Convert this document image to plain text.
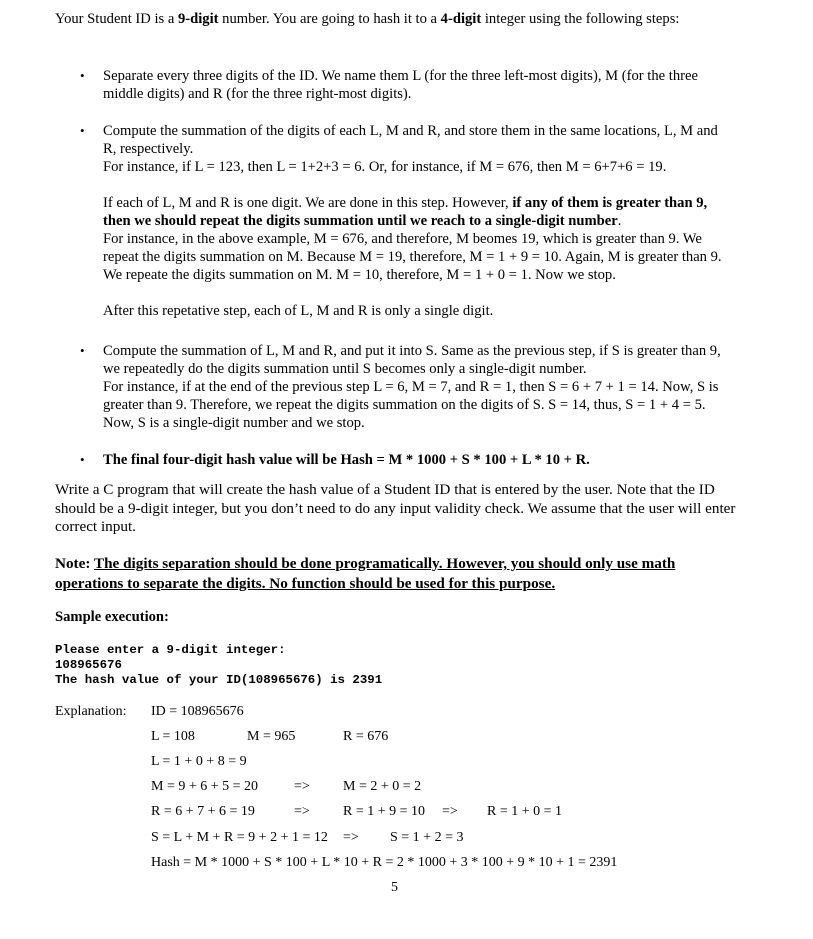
Your Student ID is a 9-digit number. You are going to hash it to a 4-digit integer using the following steps:
•	Separate every three digits of the ID. We name them L (for the three left-most digits), M (for the three middle digits) and R (for the three right-most digits).

•	Compute the summation of the digits of each L, M and R, and store them in the same locations, L, M and R, respectively.

For instance, if L = 123, then L = 1+2+3 = 6. Or, for instance, if M = 676, then M = 6+7+6 = 19.

If each of L, M and R is one digit. We are done in this step. However, if any of them is greater than 9, then we should repeat the digits summation until we reach to a single-digit number.

For instance, in the above example, M = 676, and therefore, M beomes 19, which is greater than 9. We repeat the digits summation on M. Because M = 19, therefore, M = 1 + 9 = 10. Again, M is greater than 9. We repeate the digits summation on M. M = 10, therefore, M = 1 + 0 = 1. Now we stop.

After this repetative step, each of L, M and R is only a single digit.

•	Compute the summation of L, M and R, and put it into S. Same as the previous step, if S is greater than 9, we repeatedly do the digits summation until S becomes only a single-digit number.

For instance, if at the end of the previous step L = 6, M = 7, and R = 1, then S = 6 + 7 + 1 = 14. Now, S is greater than 9. Therefore, we repeat the digits summation on the digits of S. S = 14, thus, S = 1 + 4 = 5. Now, S is a single-digit number and we stop.

•	The final four-digit hash value will be Hash = M * 1000 + S * 100 + L * 10 + R.

Write a C program that will create the hash value of a Student ID that is entered by the user. Note that the ID should be a 9-digit integer, but you don’t need to do any input validity check. We assume that the user will enter correct input.
Note: The digits separation should be done programatically. However, you should only use math operations to separate the digits. No function should be used for this purpose.
Sample execution:
Please enter a 9-digit integer:
108965676
The hash value of your ID(108965676) is 2391
Explanation: ID = 108965676
L = 108	M = 965	R = 676
L = 1 + 0 + 8 = 9
M = 9 + 6 + 5 = 20	=> M = 2 + 0 = 2
R = 6 + 7 + 6 = 19	=> R = 1 + 9 = 10 => R = 1 + 0 = 1
S = L + M + R = 9 + 2 + 1 = 12 => S = 1 + 2 = 3
Hash = M * 1000 + S * 100 + L * 10 + R = 2 * 1000 + 3 * 100 + 9 * 10 + 1 = 2391
5
